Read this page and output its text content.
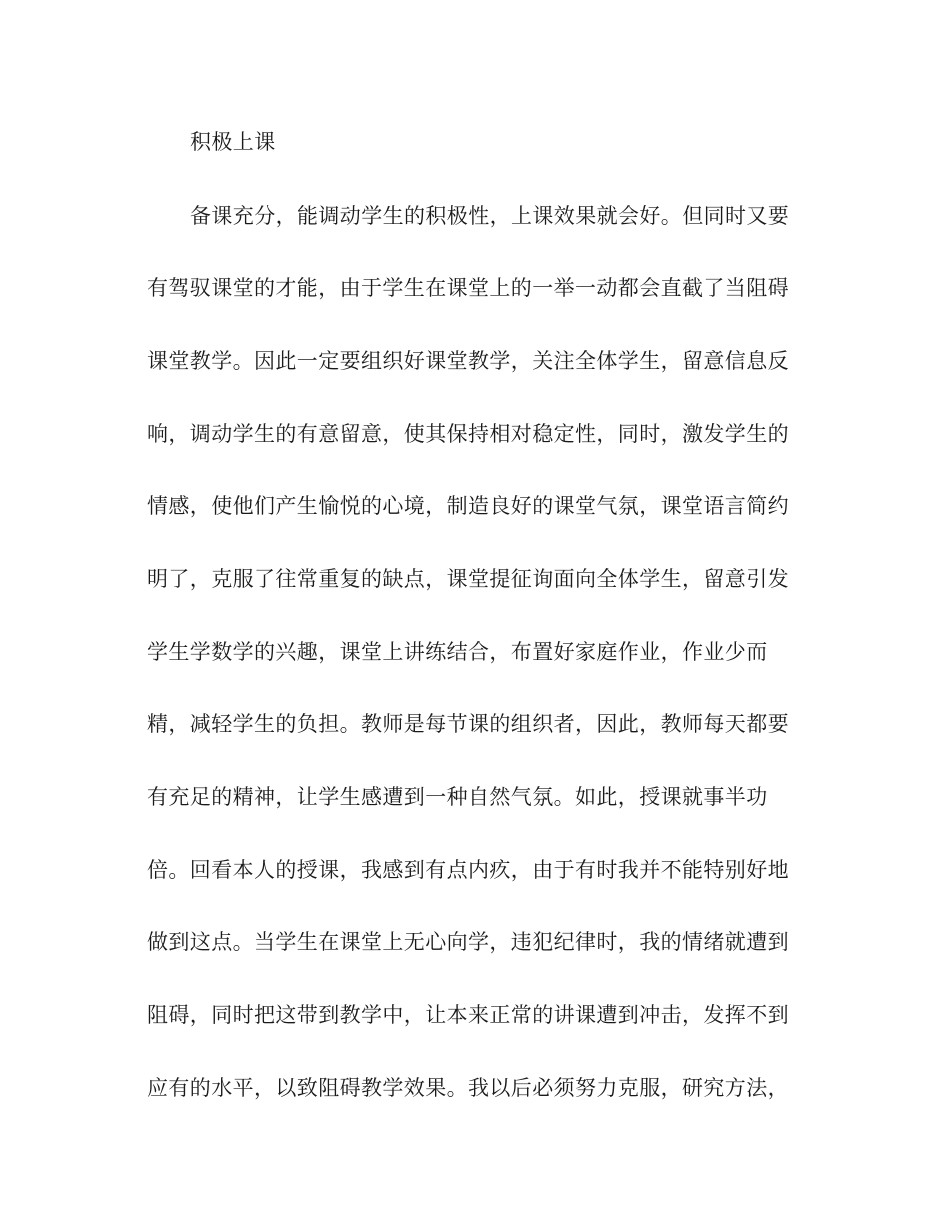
积极上课
备课充分，能调动学生的积极性，上课效果就会好。但同时又要
有驾驭课堂的才能，由于学生在课堂上的一举一动都会直截了当阻碍
课堂教学。因此一定要组织好课堂教学，关注全体学生，留意信息反
响，调动学生的有意留意，使其保持相对稳定性，同时，激发学生的
情感，使他们产生愉悦的心境，制造良好的课堂气氛，课堂语言简约
明了，克服了往常重复的缺点，课堂提征询面向全体学生，留意引发
学生学数学的兴趣，课堂上讲练结合，布置好家庭作业，作业少而
精，减轻学生的负担。教师是每节课的组织者，因此，教师每天都要
有充足的精神，让学生感遭到一种自然气氛。如此，授课就事半功
倍。回看本人的授课，我感到有点内疚，由于有时我并不能特别好地
做到这点。当学生在课堂上无心向学，违犯纪律时，我的情绪就遭到
阻碍，同时把这带到教学中，让本来正常的讲课遭到冲击，发挥不到
应有的水平，以致阻碍教学效果。我以后必须努力克服，研究方法，
